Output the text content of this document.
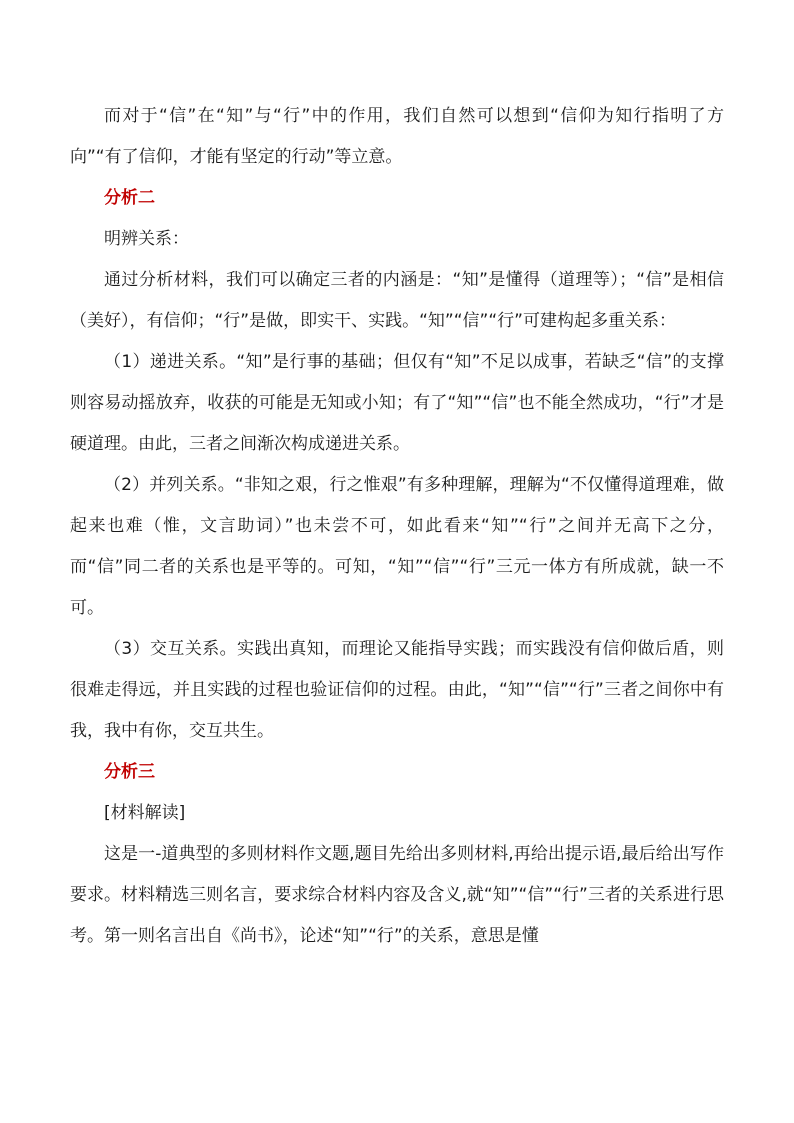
而对于“信”在“知”与“行”中的作用，我们自然可以想到“信仰为知行指明了方向”“有了信仰，才能有坚定的行动”等立意。

分析二

明辨关系：

通过分析材料，我们可以确定三者的内涵是：“知”是懂得（道理等）；“信”是相信（美好），有信仰；“行”是做，即实干、实践。“知”“信”“行”可建构起多重关系：

（1）递进关系。“知”是行事的基础；但仅有“知”不足以成事，若缺乏“信”的支撑则容易动摇放弃，收获的可能是无知或小知；有了“知”“信”也不能全然成功，“行”才是硬道理。由此，三者之间渐次构成递进关系。

（2）并列关系。“非知之艰，行之惟艰”有多种理解，理解为“不仅懂得道理难，做起来也难（惟，文言助词）”也未尝不可，如此看来“知”“行”之间并无高下之分，而“信”同二者的关系也是平等的。可知，“知”“信”“行”三元一体方有所成就，缺一不可。

（3）交互关系。实践出真知，而理论又能指导实践；而实践没有信仰做后盾，则很难走得远，并且实践的过程也验证信仰的过程。由此，“知”“信”“行”三者之间你中有我，我中有你，交互共生。

分析三

[材料解读]

这是一-道典型的多则材料作文题,题目先给出多则材料,再给出提示语,最后给出写作要求。材料精选三则名言，要求综合材料内容及含义,就“知”“信”“行”三者的关系进行思考。第一则名言出自《尚书》，论述“知”“行”的关系，意思是懂
